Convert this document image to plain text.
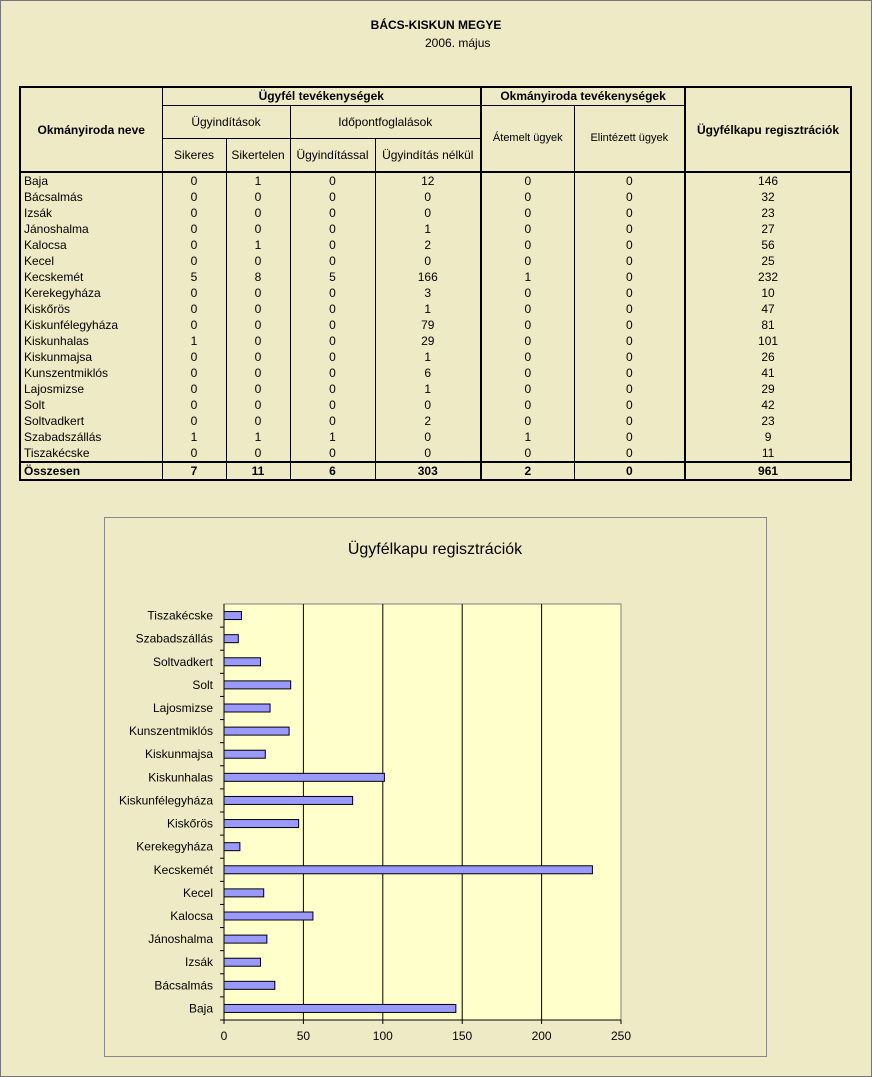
BÁCS-KISKUN MEGYE
2006. május
Okmányiroda neve	Ügyfél tevékenységek				Okmányiroda tevékenységek		Ügyfélkapu regisztrációk
	Ügyindítások		Időpontfoglalások		Átemelt ügyek	Elintézett ügyek	
	Sikeres	Sikertelen	Ügyindítással	Ügyindítás nélkül			
Baja	0	1	0	12	0	0	146
Bácsalmás	0	0	0	0	0	0	32
Izsák	0	0	0	0	0	0	23
Jánoshalma	0	0	0	1	0	0	27
Kalocsa	0	1	0	2	0	0	56
Kecel	0	0	0	0	0	0	25
Kecskemét	5	8	5	166	1	0	232
Kerekegyháza	0	0	0	3	0	0	10
Kiskőrös	0	0	0	1	0	0	47
Kiskunfélegyháza	0	0	0	79	0	0	81
Kiskunhalas	1	0	0	29	0	0	101
Kiskunmajsa	0	0	0	1	0	0	26
Kunszentmiklós	0	0	0	6	0	0	41
Lajosmizse	0	0	0	1	0	0	29
Solt	0	0	0	0	0	0	42
Soltvadkert	0	0	0	2	0	0	23
Szabadszállás	1	1	1	0	1	0	9
Tiszakécske	0	0	0	0	0	0	11
Összesen	7	11	6	303	2	0	961
Ügyfélkapu regisztrációk
0	50	100	150	200	250
Baja
Bácsalmás
Izsák
Jánoshalma
Kalocsa
Kecel
Kecskemét
Kerekegyháza
Kiskőrös
Kiskunfélegyháza
Kiskunhalas
Kiskunmajsa
Kunszentmiklós
Lajosmizse
Solt
Soltvadkert
Szabadszállás
Tiszakécske
